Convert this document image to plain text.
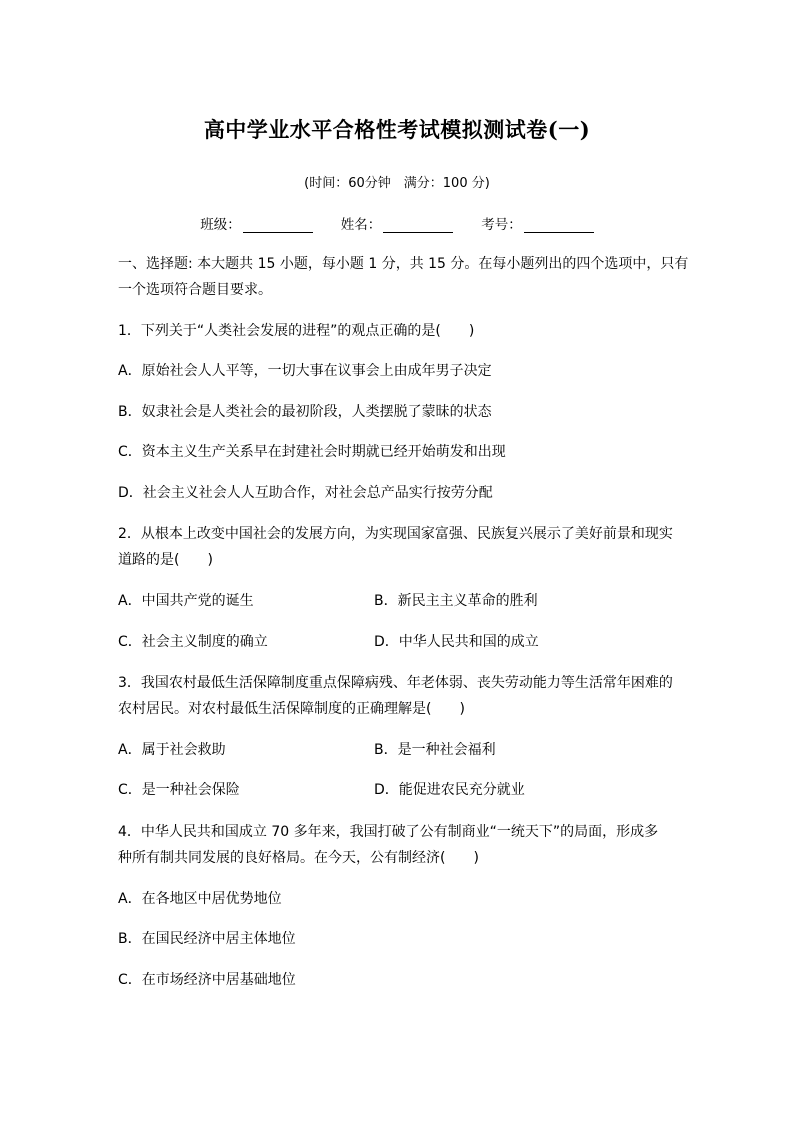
高中学业水平合格性考试模拟测试卷(一)
(时间：60分钟　满分：100 分)
班级：	姓名：	考号：
一、选择题: 本大题共 15 小题，每小题 1 分，共 15 分。在每小题列出的四个选项中，只有
一个选项符合题目要求。
1．下列关于“人类社会发展的进程”的观点正确的是(　　)
A．原始社会人人平等，一切大事在议事会上由成年男子决定
B．奴隶社会是人类社会的最初阶段，人类摆脱了蒙昧的状态
C．资本主义生产关系早在封建社会时期就已经开始萌发和出现
D．社会主义社会人人互助合作，对社会总产品实行按劳分配
2．从根本上改变中国社会的发展方向，为实现国家富强、民族复兴展示了美好前景和现实
道路的是(　　)
A．中国共产党的诞生	B．新民主主义革命的胜利
C．社会主义制度的确立	D．中华人民共和国的成立
3．我国农村最低生活保障制度重点保障病残、年老体弱、丧失劳动能力等生活常年困难的
农村居民。对农村最低生活保障制度的正确理解是(　　)
A．属于社会救助	B．是一种社会福利
C．是一种社会保险	D．能促进农民充分就业
4．中华人民共和国成立 70 多年来，我国打破了公有制商业“一统天下”的局面，形成多
种所有制共同发展的良好格局。在今天，公有制经济(　　)
A．在各地区中居优势地位
B．在国民经济中居主体地位
C．在市场经济中居基础地位
